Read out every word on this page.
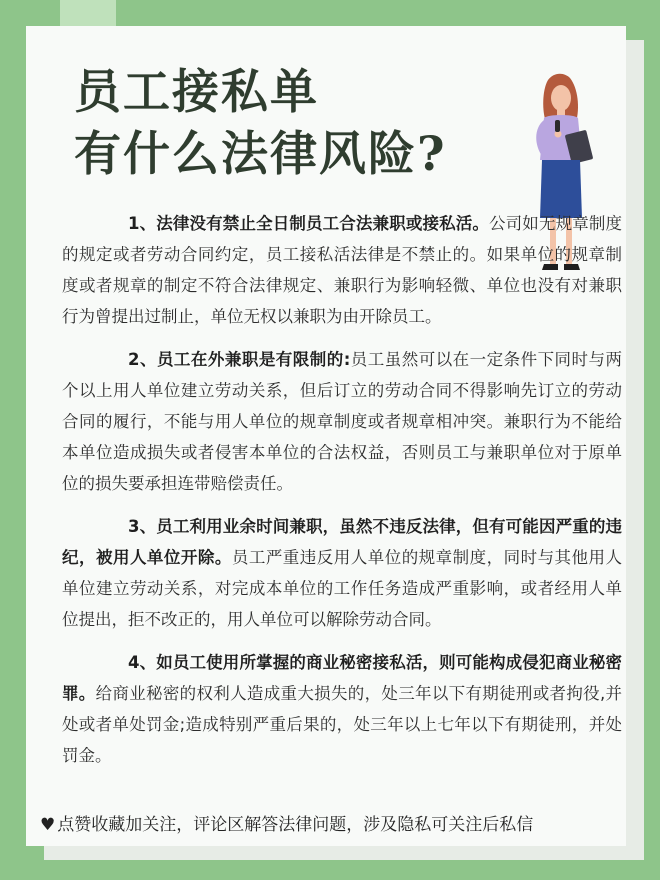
员工接私单
有什么法律风险?

1、法律没有禁止全日制员工合法兼职或接私活。公司如无规章制度的规定或者劳动合同约定，员工接私活法律是不禁止的。如果单位的规章制度或者规章的制定不符合法律规定、兼职行为影响轻微、单位也没有对兼职行为曾提出过制止，单位无权以兼职为由开除员工。

2、员工在外兼职是有限制的:员工虽然可以在一定条件下同时与两个以上用人单位建立劳动关系，但后订立的劳动合同不得影响先订立的劳动合同的履行，不能与用人单位的规章制度或者规章相冲突。兼职行为不能给本单位造成损失或者侵害本单位的合法权益，否则员工与兼职单位对于原单位的损失要承担连带赔偿责任。

3、员工利用业余时间兼职，虽然不违反法律，但有可能因严重的违纪，被用人单位开除。员工严重违反用人单位的规章制度，同时与其他用人单位建立劳动关系，对完成本单位的工作任务造成严重影响，或者经用人单位提出，拒不改正的，用人单位可以解除劳动合同。

4、如员工使用所掌握的商业秘密接私活，则可能构成侵犯商业秘密罪。给商业秘密的权利人造成重大损失的，处三年以下有期徒刑或者拘役,并处或者单处罚金;造成特别严重后果的，处三年以上七年以下有期徒刑，并处罚金。

♥ 点赞收藏加关注，评论区解答法律问题，涉及隐私可关注后私信
